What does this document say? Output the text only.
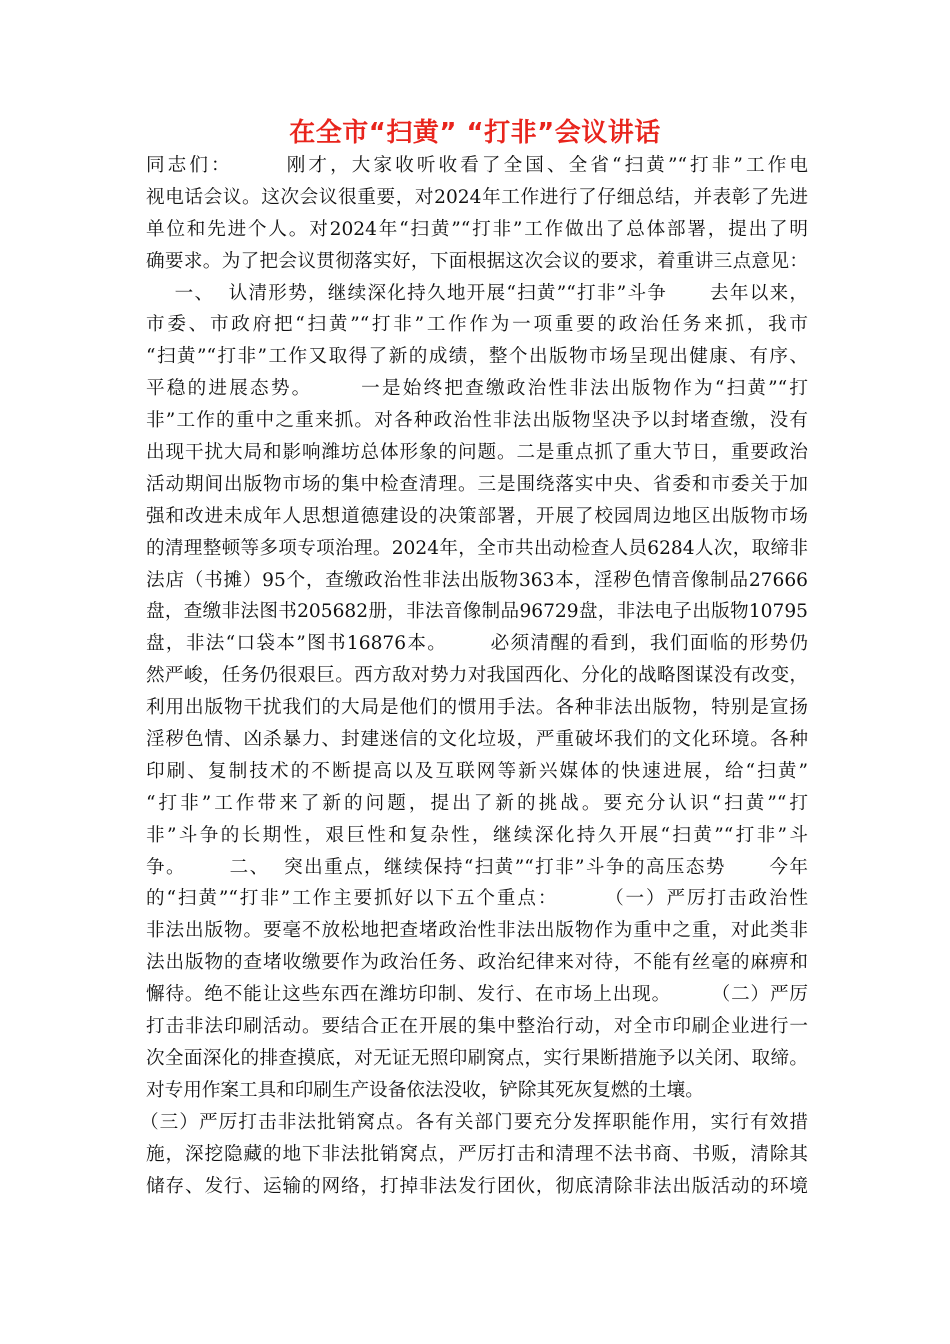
在全市“扫黄” “打非”会议讲话
同志们：      刚才，大家收听收看了全国、全省“扫黄”“打非”工作电
视电话会议。这次会议很重要，对2024年工作进行了仔细总结，并表彰了先进
单位和先进个人。对2024年“扫黄”“打非”工作做出了总体部署，提出了明
确要求。为了把会议贯彻落实好，下面根据这次会议的要求，着重讲三点意见：
一、  认清形势，继续深化持久地开展“扫黄”“打非”斗争      去年以来，
市委、市政府把“扫黄”“打非”工作作为一项重要的政治任务来抓，我市
“扫黄”“打非”工作又取得了新的成绩，整个出版物市场呈现出健康、有序、
平稳的进展态势。      一是始终把查缴政治性非法出版物作为“扫黄”“打
非”工作的重中之重来抓。对各种政治性非法出版物坚决予以封堵查缴，没有
出现干扰大局和影响潍坊总体形象的问题。二是重点抓了重大节日，重要政治
活动期间出版物市场的集中检查清理。三是围绕落实中央、省委和市委关于加
强和改进未成年人思想道德建设的决策部署，开展了校园周边地区出版物市场
的清理整顿等多项专项治理。2024年，全市共出动检查人员6284人次，取缔非
法店（书摊）95个，查缴政治性非法出版物363本，淫秽色情音像制品27666
盘，查缴非法图书205682册，非法音像制品96729盘，非法电子出版物10795
盘，非法“口袋本”图书16876本。      必须清醒的看到，我们面临的形势仍
然严峻，任务仍很艰巨。西方敌对势力对我国西化、分化的战略图谋没有改变，
利用出版物干扰我们的大局是他们的惯用手法。各种非法出版物，特别是宣扬
淫秽色情、凶杀暴力、封建迷信的文化垃圾，严重破坏我们的文化环境。各种
印刷、复制技术的不断提高以及互联网等新兴媒体的快速进展，给“扫黄”
“打非”工作带来了新的问题，提出了新的挑战。要充分认识“扫黄”“打
非”斗争的长期性，艰巨性和复杂性，继续深化持久开展“扫黄”“打非”斗
争。      二、  突出重点，继续保持“扫黄”“打非”斗争的高压态势      今年
的“扫黄”“打非”工作主要抓好以下五个重点：      （一）严厉打击政治性
非法出版物。要毫不放松地把查堵政治性非法出版物作为重中之重，对此类非
法出版物的查堵收缴要作为政治任务、政治纪律来对待，不能有丝毫的麻痹和
懈待。绝不能让这些东西在潍坊印制、发行、在市场上出现。      （二）严厉
打击非法印刷活动。要结合正在开展的集中整治行动，对全市印刷企业进行一
次全面深化的排查摸底，对无证无照印刷窝点，实行果断措施予以关闭、取缔。
对专用作案工具和印刷生产设备依法没收，铲除其死灰复燃的土壤。
（三）严厉打击非法批销窝点。各有关部门要充分发挥职能作用，实行有效措
施，深挖隐藏的地下非法批销窝点，严厉打击和清理不法书商、书贩，清除其
储存、发行、运输的网络，打掉非法发行团伙，彻底清除非法出版活动的环境
